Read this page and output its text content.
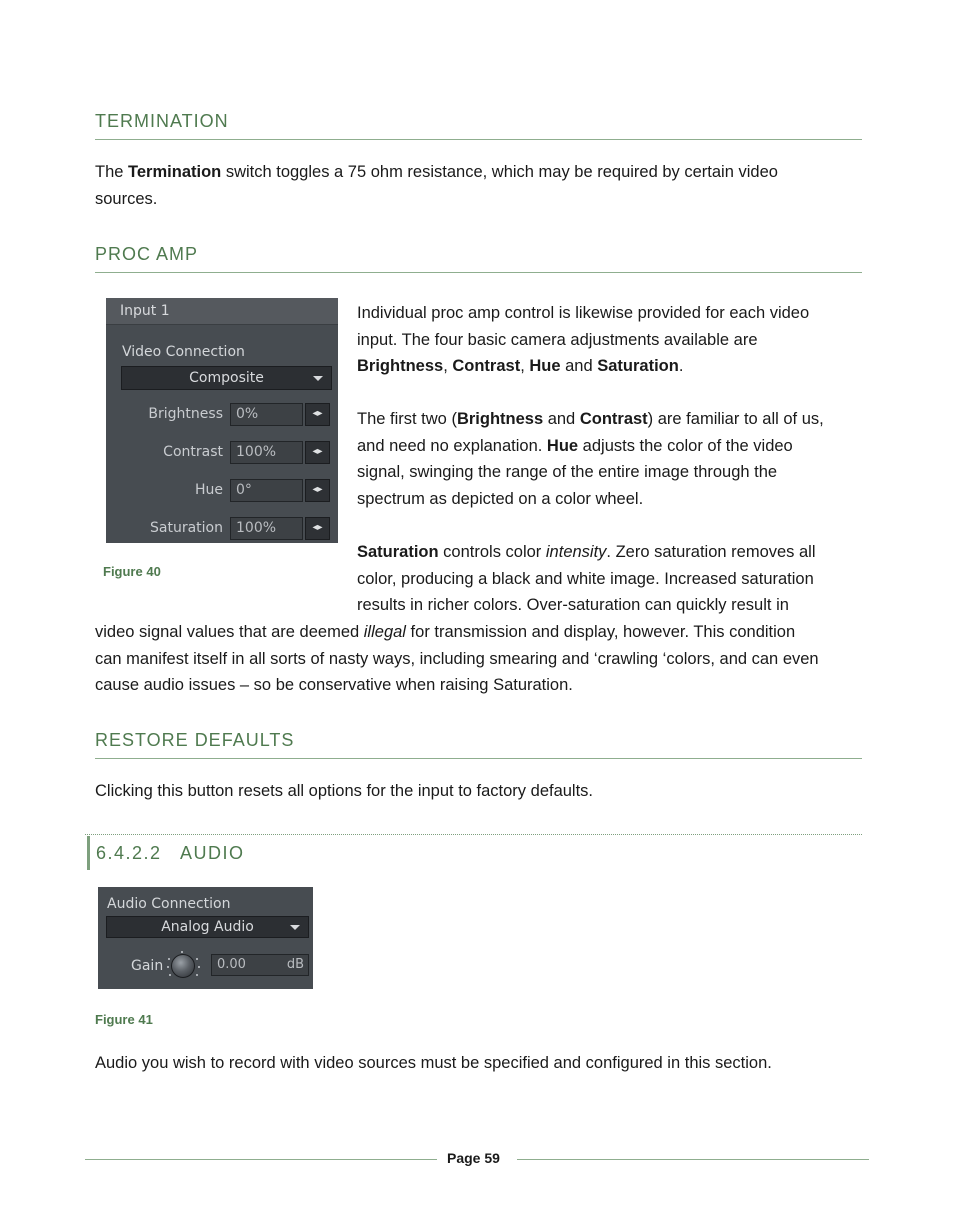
TERMINATION

The Termination switch toggles a 75 ohm resistance, which may be required by certain video
sources.

PROC AMP
Input 1
Video Connection
Composite
Brightness 0%	◂▸
Contrast 100%	◂▸
Hue 0°	◂▸
Saturation 100%	◂▸
Figure 40

Individual proc amp control is likewise provided for each video
input. The four basic camera adjustments available are
Brightness, Contrast, Hue and Saturation.

The first two (Brightness and Contrast) are familiar to all of us,
and need no explanation. Hue adjusts the color of the video
signal, swinging the range of the entire image through the
spectrum as depicted on a color wheel.

Saturation controls color intensity. Zero saturation removes all
color, producing a black and white image. Increased saturation
results in richer colors. Over-saturation can quickly result in

video signal values that are deemed illegal for transmission and display, however. This condition
can manifest itself in all sorts of nasty ways, including smearing and ‘crawling ‘colors, and can even
cause audio issues – so be conservative when raising Saturation.

RESTORE DEFAULTS

Clicking this button resets all options for the input to factory defaults.

6.4.2.2   AUDIO
Audio Connection
Analog Audio
Gain	0.00	dB
Figure 41

Audio you wish to record with video sources must be specified and configured in this section.

Page 59
